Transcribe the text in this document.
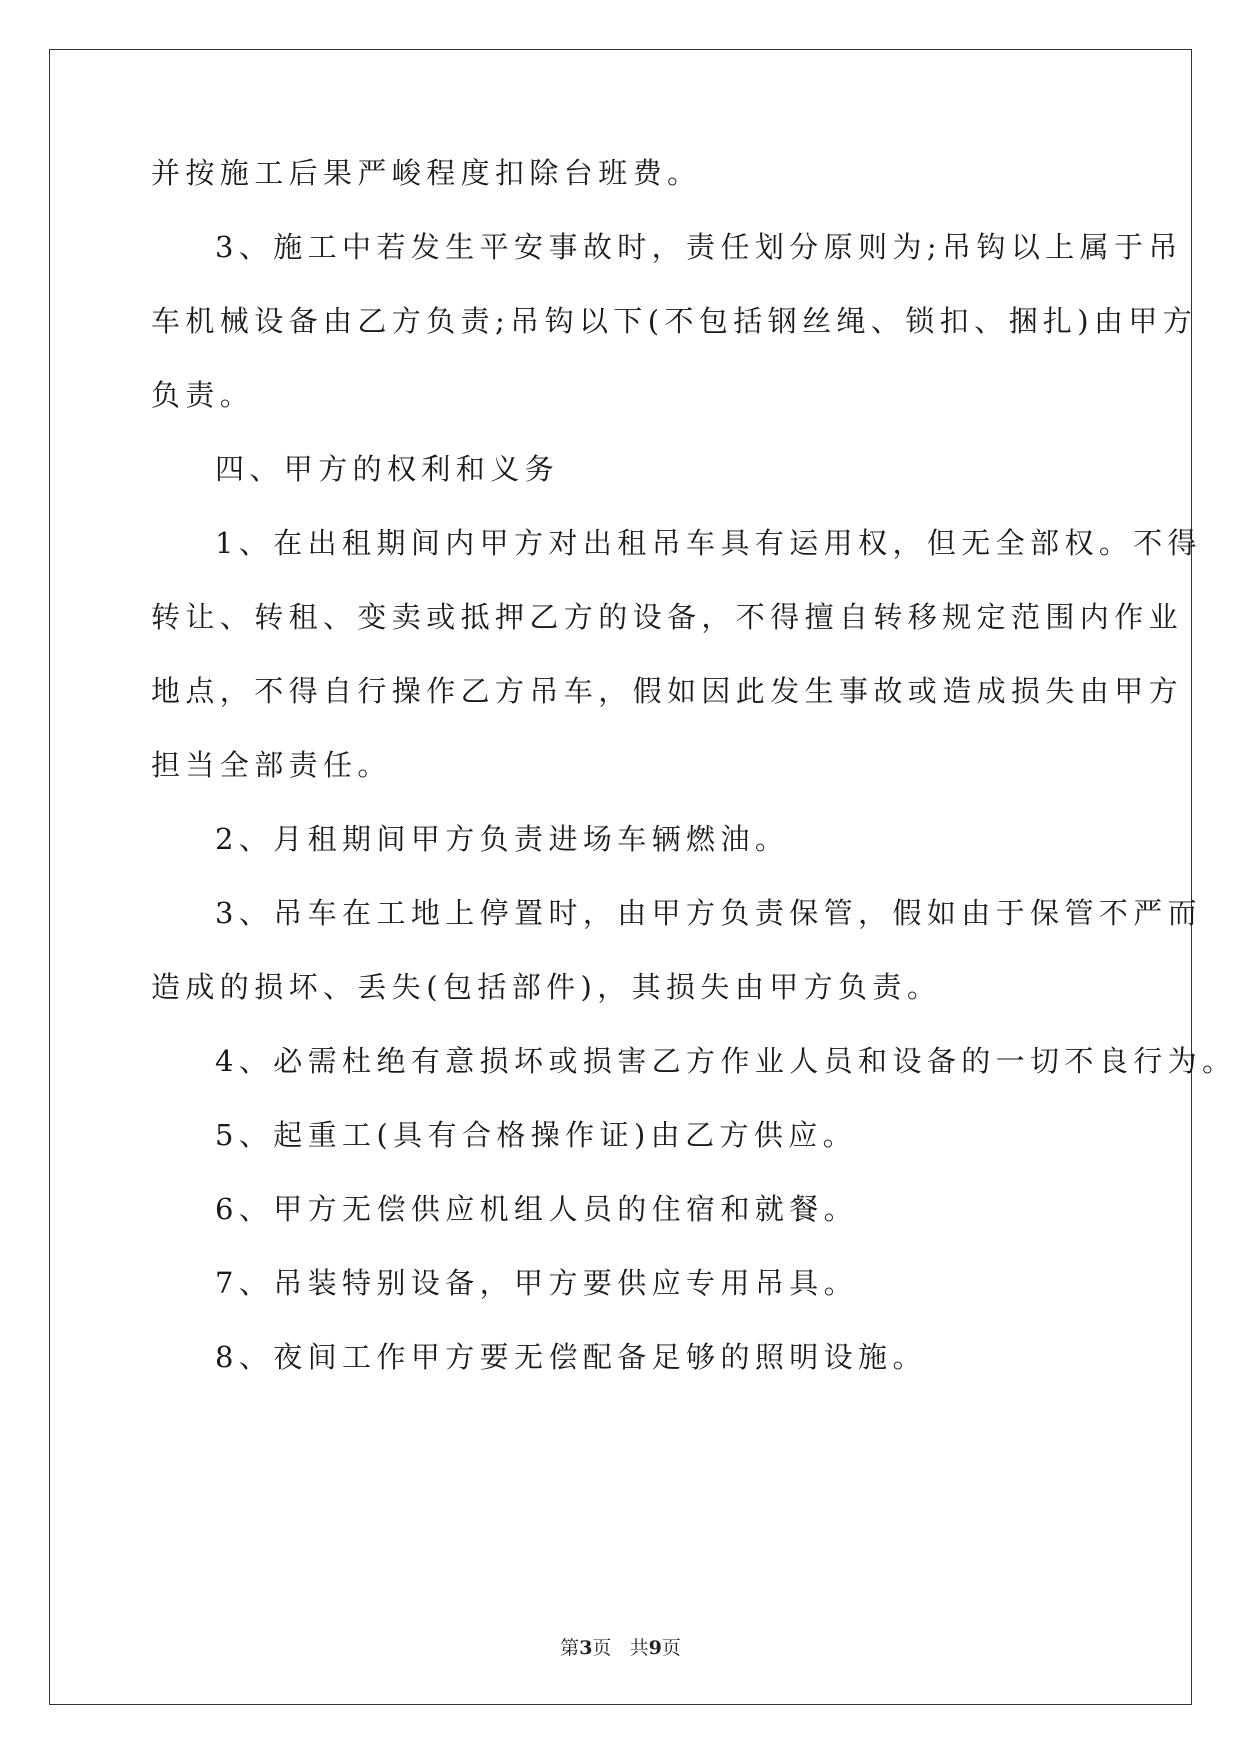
并按施工后果严峻程度扣除台班费。
3、施工中若发生平安事故时，责任划分原则为;吊钩以上属于吊
车机械设备由乙方负责;吊钩以下(不包括钢丝绳、锁扣、捆扎)由甲方
负责。
四、甲方的权利和义务
1、在出租期间内甲方对出租吊车具有运用权，但无全部权。不得
转让、转租、变卖或抵押乙方的设备，不得擅自转移规定范围内作业
地点，不得自行操作乙方吊车，假如因此发生事故或造成损失由甲方
担当全部责任。
2、月租期间甲方负责进场车辆燃油。
3、吊车在工地上停置时，由甲方负责保管，假如由于保管不严而
造成的损坏、丢失(包括部件)，其损失由甲方负责。
4、必需杜绝有意损坏或损害乙方作业人员和设备的一切不良行为。
5、起重工(具有合格操作证)由乙方供应。
6、甲方无偿供应机组人员的住宿和就餐。
7、吊装特别设备，甲方要供应专用吊具。
8、夜间工作甲方要无偿配备足够的照明设施。
第3页 共9页
